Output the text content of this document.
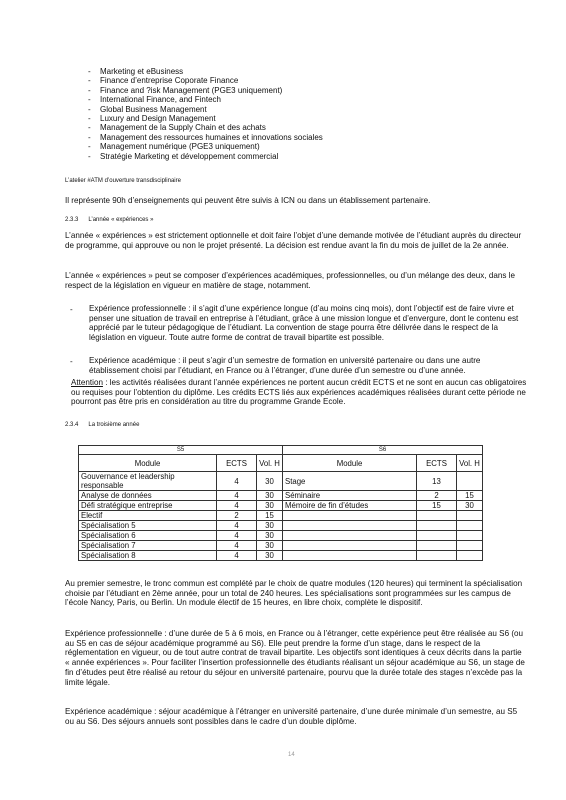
- Marketing et eBusiness
- Finance d’entreprise Coporate Finance
- Finance and ?isk Management (PGE3 uniquement)
- International Finance, and Fintech
- Global Business Management
- Luxury and Design Management
- Management de la Supply Chain et des achats
- Management des ressources humaines et innovations sociales
- Management numérique (PGE3 uniquement)
- Stratégie Marketing et développement commercial
L’atelier #ATM d’ouverture transdisciplinaire
Il représente 90h d’enseignements qui peuvent être suivis à ICN ou dans un établissement partenaire.
2.3.3 L’année « expériences »
L’année « expériences » est strictement optionnelle et doit faire l’objet d’une demande motivée de l’étudiant auprès du directeur de programme, qui approuve ou non le projet présenté. La décision est rendue avant la fin du mois de juillet de la 2e année.
L’année « expériences » peut se composer d’expériences académiques, professionnelles, ou d’un mélange des deux, dans le respect de la législation en vigueur en matière de stage, notamment.
- Expérience professionnelle : il s’agit d’une expérience longue (d’au moins cinq mois), dont l’objectif est de faire vivre et penser une situation de travail en entreprise à l’étudiant, grâce à une mission longue et d’envergure, dont le contenu est apprécié par le tuteur pédagogique de l’étudiant. La convention de stage pourra être délivrée dans le respect de la législation en vigueur. Toute autre forme de contrat de travail bipartite est possible.
- Expérience académique : il peut s’agir d’un semestre de formation en université partenaire ou dans une autre établissement choisi par l’étudiant, en France ou à l’étranger, d’une durée d’un semestre ou d’une année.
Attention : les activités réalisées durant l’année expériences ne portent aucun crédit ECTS et ne sont en aucun cas obligatoires ou requises pour l’obtention du diplôme. Les crédits ECTS liés aux expériences académiques réalisées durant cette période ne pourront pas être pris en considération au titre du programme Grande Ecole.
2.3.4 La troisième année
S5			S6		
Module	ECTS	Vol. H	Module	ECTS	Vol. H
Gouvernance et leadership responsable	4	30	Stage	13	
Analyse de données	4	30	Séminaire	2	15
Défi stratégique entreprise	4	30	Mémoire de fin d’études	15	30
Electif	2	15			
Spécialisation 5	4	30			
Spécialisation 6	4	30			
Spécialisation 7	4	30			
Spécialisation 8	4	30			
Au premier semestre, le tronc commun est complété par le choix de quatre modules (120 heures) qui terminent la spécialisation choisie par l’étudiant en 2ème année, pour un total de 240 heures. Les spécialisations sont programmées sur les campus de l’école Nancy, Paris, ou Berlin. Un module électif de 15 heures, en libre choix, complète le dispositif.
Expérience professionnelle : d’une durée de 5 à 6 mois, en France ou à l’étranger, cette expérience peut être réalisée au S6 (ou au S5 en cas de séjour académique programmé au S6). Elle peut prendre la forme d’un stage, dans le respect de la réglementation en vigueur, ou de tout autre contrat de travail bipartite. Les objectifs sont identiques à ceux décrits dans la partie « année expériences ». Pour faciliter l’insertion professionnelle des étudiants réalisant un séjour académique au S6, un stage de fin d’études peut être réalisé au retour du séjour en université partenaire, pourvu que la durée totale des stages n’excède pas la limite légale.
Expérience académique : séjour académique à l’étranger en université partenaire, d’une durée minimale d’un semestre, au S5 ou au S6. Des séjours annuels sont possibles dans le cadre d’un double diplôme.
14
